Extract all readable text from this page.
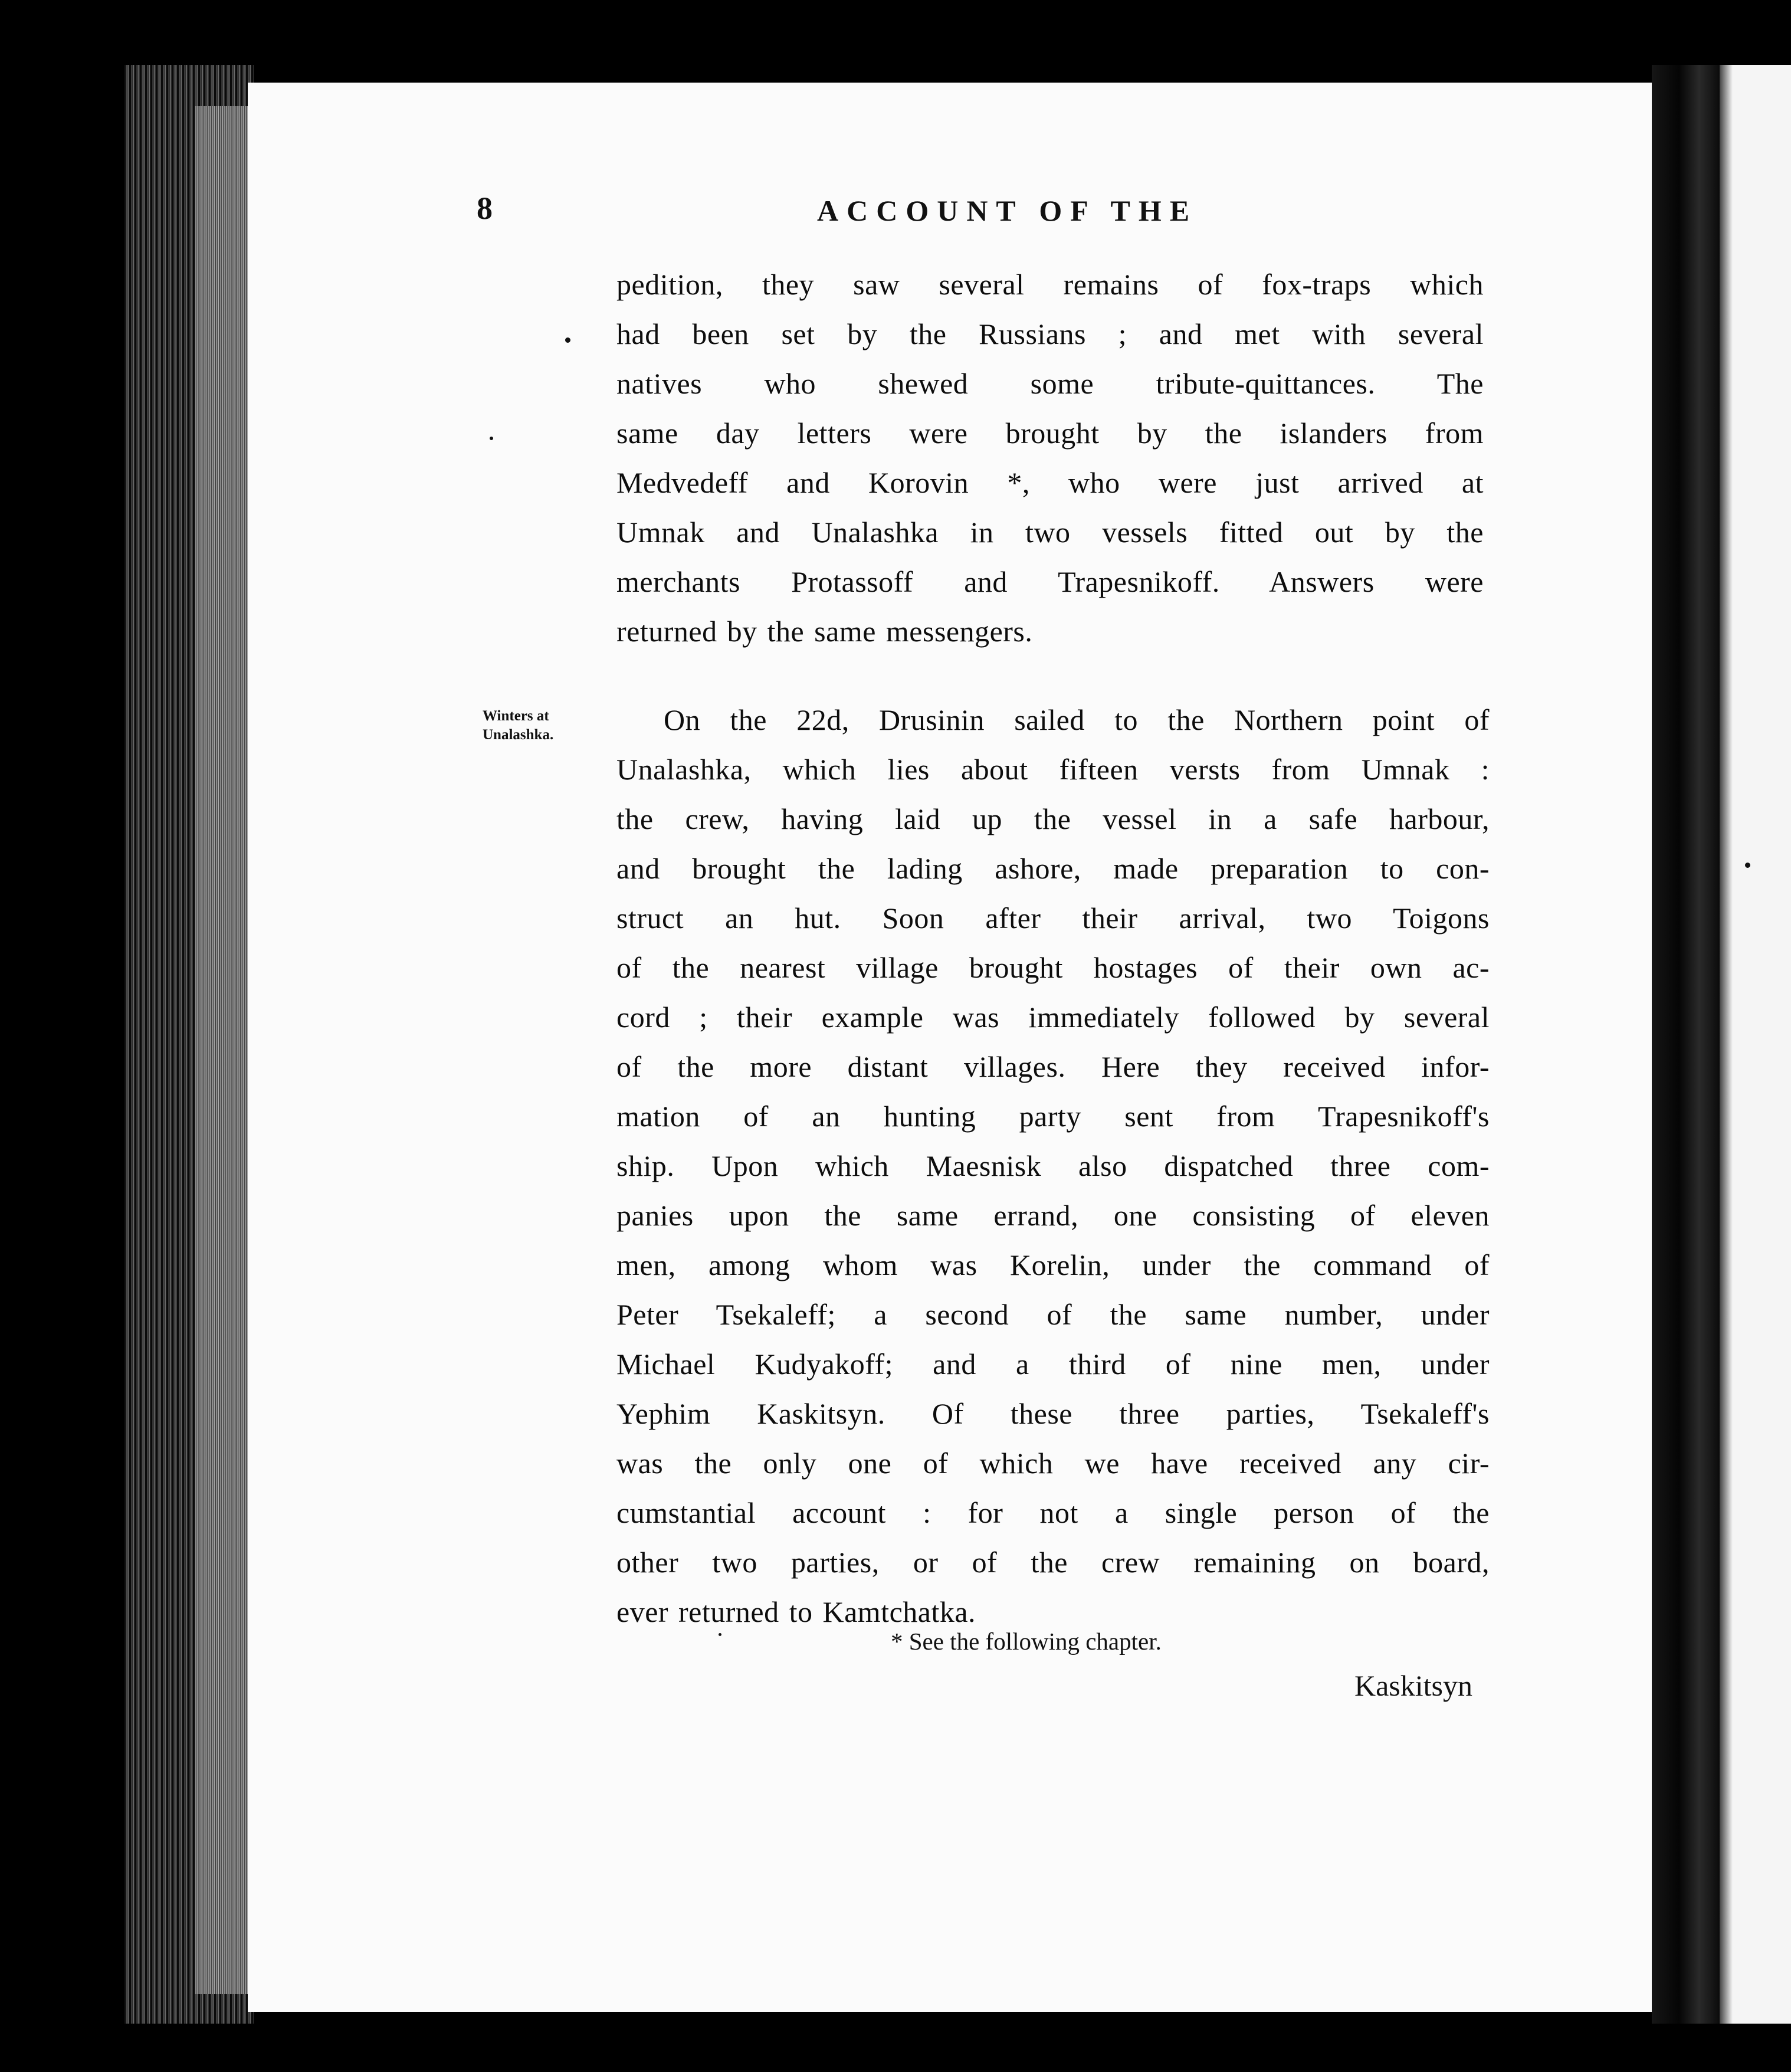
8	ACCOUNT OF THE
Winters at
Unalashka.
pedition, they saw several remains of fox-traps which
had been set by the Russians ; and met with several
natives who shewed some tribute-quittances. The
same day letters were brought by the islanders from
Medvedeff and Korovin *, who were just arrived at
Umnak and Unalashka in two vessels fitted out by the
merchants Protassoff and Trapesnikoff. Answers were
returned by the same messengers.
On the 22d, Drusinin sailed to the Northern point of
Unalashka, which lies about fifteen versts from Umnak :
the crew, having laid up the vessel in a safe harbour,
and brought the lading ashore, made preparation to con-
struct an hut. Soon after their arrival, two Toigons
of the nearest village brought hostages of their own ac-
cord ; their example was immediately followed by several
of the more distant villages. Here they received infor-
mation of an hunting party sent from Trapesnikoff's
ship. Upon which Maesnisk also dispatched three com-
panies upon the same errand, one consisting of eleven
men, among whom was Korelin, under the command of
Peter Tsekaleff; a second of the same number, under
Michael Kudyakoff; and a third of nine men, under
Yephim Kaskitsyn. Of these three parties, Tsekaleff's
was the only one of which we have received any cir-
cumstantial account : for not a single person of the
other two parties, or of the crew remaining on board,
ever returned to Kamtchatka.
* See the following chapter.
Kaskitsyn
